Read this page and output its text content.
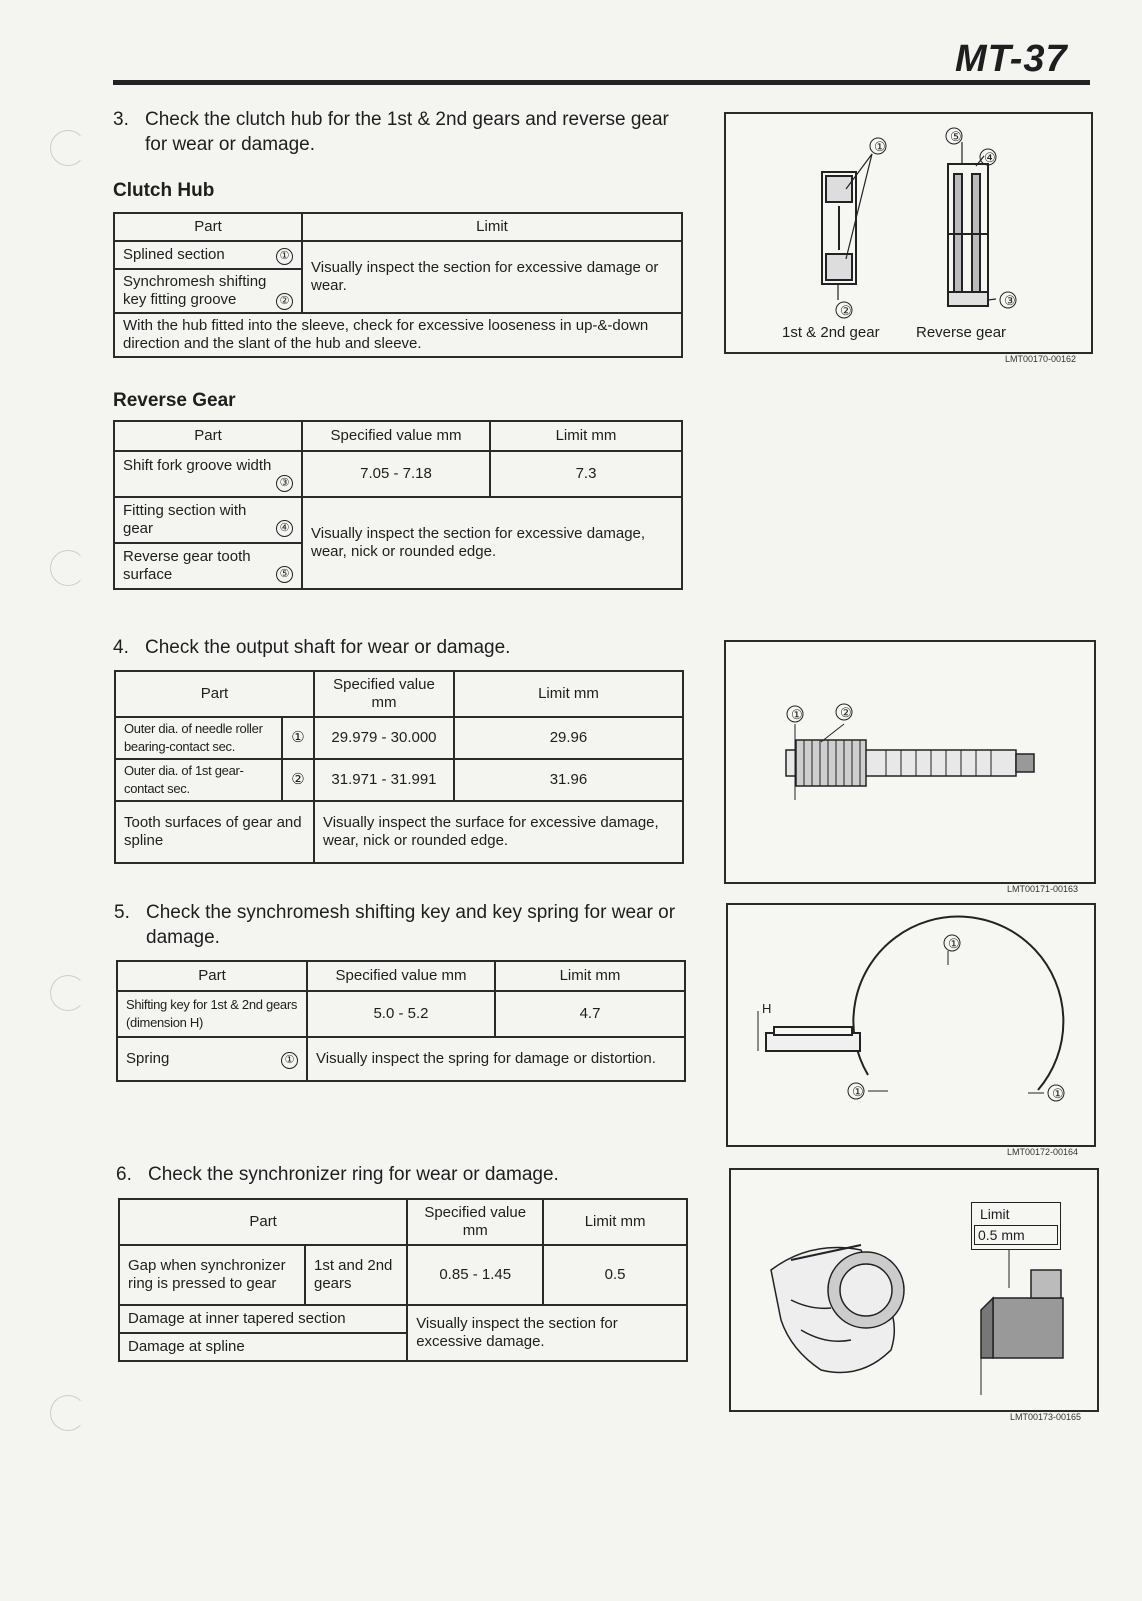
MT-37
3. Check the clutch hub for the 1st & 2nd gears and reverse gear for wear or damage.
Clutch Hub
Part	Limit

①
Splined section	Visually inspect the section for excessive damage or wear.

②
Synchromesh shifting key fitting groove	
With the hub fitted into the sleeve, check for excessive looseness in up-&-down direction and the slant of the hub and sleeve.	
Reverse Gear
Part	Specified value mm	Limit mm

③
Shift fork groove width	7.05 - 7.18	7.3

④
Fitting section with gear	Visually inspect the section for excessive damage, wear, nick or rounded edge.	

⑤
Reverse gear tooth surface		
①
②
③
④
⑤
1st & 2nd gear Reverse gear
LMT00170-00162
4. Check the output shaft for wear or damage.
Part		Specified value mm	Limit mm
Outer dia. of needle roller bearing-contact sec.	①	29.979 - 30.000	29.96
Outer dia. of 1st gear-contact sec.	②	31.971 - 31.991	31.96
Tooth surfaces of gear and spline		Visually inspect the surface for excessive damage, wear, nick or rounded edge.	
①	②
LMT00171-00163
5. Check the synchromesh shifting key and key spring for wear or damage.
Part	Specified value mm	Limit mm
Shifting key for 1st & 2nd gears (dimension H)	5.0 - 5.2	4.7

①
Spring	Visually inspect the spring for damage or distortion.	
H
①
①	①
LMT00172-00164
6. Check the synchronizer ring for wear or damage.
Part		Specified value mm	Limit mm
Gap when synchronizer ring is pressed to gear	1st and 2nd gears	0.85 - 1.45	0.5
Damage at inner tapered section		Visually inspect the section for excessive damage.	
Damage at spline			
Limit
0.5 mm
LMT00173-00165
